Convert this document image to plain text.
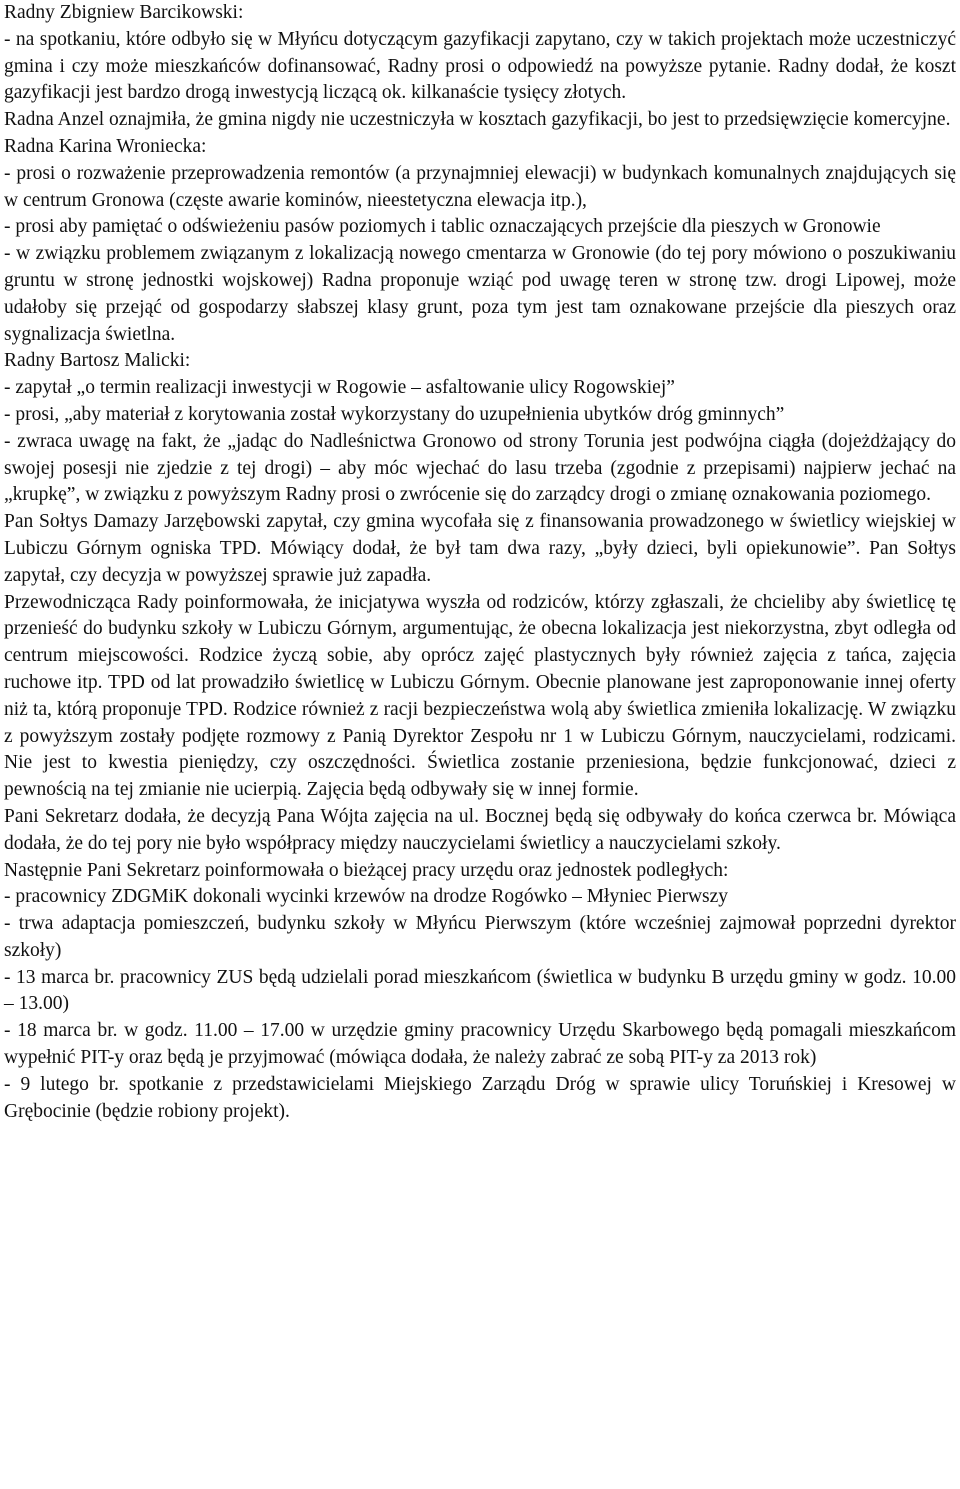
Radny Zbigniew Barcikowski:

- na spotkaniu, które odbyło się w Młyńcu dotyczącym gazyfikacji zapytano, czy w takich projektach może uczestniczyć gmina i czy może mieszkańców dofinansować, Radny prosi o odpowiedź na powyższe pytanie. Radny dodał, że koszt gazyfikacji jest bardzo drogą inwestycją liczącą ok. kilkanaście tysięcy złotych.

Radna Anzel oznajmiła, że gmina nigdy nie uczestniczyła w kosztach gazyfikacji, bo jest to przedsięwzięcie komercyjne.

Radna Karina Wroniecka:

- prosi o rozważenie przeprowadzenia remontów (a przynajmniej elewacji) w budynkach komunalnych znajdujących się w centrum Gronowa (częste awarie kominów, nieestetyczna elewacja itp.),

- prosi aby pamiętać o odświeżeniu pasów poziomych i tablic oznaczających przejście dla pieszych w Gronowie

- w związku problemem związanym z lokalizacją nowego cmentarza w Gronowie (do tej pory mówiono o poszukiwaniu gruntu w stronę jednostki wojskowej) Radna proponuje wziąć pod uwagę teren w stronę tzw. drogi Lipowej, może udałoby się przejąć od gospodarzy słabszej klasy grunt, poza tym jest tam oznakowane przejście dla pieszych oraz sygnalizacja świetlna.

Radny Bartosz Malicki:

- zapytał „o termin realizacji inwestycji w Rogowie – asfaltowanie ulicy Rogowskiej”

- prosi, „aby materiał z korytowania został wykorzystany do uzupełnienia ubytków dróg gminnych”

- zwraca uwagę na fakt, że „jadąc do Nadleśnictwa Gronowo od strony Torunia jest podwójna ciągła (dojeżdżający do swojej posesji nie zjedzie z tej drogi) – aby móc wjechać do lasu trzeba (zgodnie z przepisami) najpierw jechać na „krupkę”, w związku z powyższym Radny prosi o zwrócenie się do zarządcy drogi o zmianę oznakowania poziomego.

Pan Sołtys Damazy Jarzębowski zapytał, czy gmina wycofała się z finansowania prowadzonego w świetlicy wiejskiej w Lubiczu Górnym ogniska TPD. Mówiący dodał, że był tam dwa razy, „były dzieci, byli opiekunowie”. Pan Sołtys zapytał, czy decyzja w powyższej sprawie już zapadła.

Przewodnicząca Rady poinformowała, że inicjatywa wyszła od rodziców, którzy zgłaszali, że chcieliby aby świetlicę tę przenieść do budynku szkoły w Lubiczu Górnym, argumentując, że obecna lokalizacja jest niekorzystna, zbyt odległa od centrum miejscowości. Rodzice życzą sobie, aby oprócz zajęć plastycznych były również zajęcia z tańca, zajęcia ruchowe itp. TPD od lat prowadziło świetlicę w Lubiczu Górnym. Obecnie planowane jest zaproponowanie innej oferty niż ta, którą proponuje TPD. Rodzice również z racji bezpieczeństwa wolą aby świetlica zmieniła lokalizację. W związku z powyższym zostały podjęte rozmowy z Panią Dyrektor Zespołu nr 1 w Lubiczu Górnym, nauczycielami, rodzicami. Nie jest to kwestia pieniędzy, czy oszczędności. Świetlica zostanie przeniesiona, będzie funkcjonować, dzieci z pewnością na tej zmianie nie ucierpią. Zajęcia będą odbywały się w innej formie.

Pani Sekretarz dodała, że decyzją Pana Wójta zajęcia na ul. Bocznej będą się odbywały do końca czerwca br. Mówiąca dodała, że do tej pory nie było współpracy między nauczycielami świetlicy a nauczycielami szkoły.

Następnie Pani Sekretarz poinformowała o bieżącej pracy urzędu oraz jednostek podległych:

- pracownicy ZDGMiK dokonali wycinki krzewów na drodze Rogówko – Młyniec Pierwszy

- trwa adaptacja pomieszczeń, budynku szkoły w Młyńcu Pierwszym (które wcześniej zajmował poprzedni dyrektor szkoły)

- 13 marca br. pracownicy ZUS będą udzielali porad mieszkańcom (świetlica w budynku B urzędu gminy w godz. 10.00 – 13.00)

- 18 marca br. w godz. 11.00 – 17.00 w urzędzie gminy pracownicy Urzędu Skarbowego będą pomagali mieszkańcom wypełnić PIT-y oraz będą je przyjmować (mówiąca dodała, że należy zabrać ze sobą PIT-y za 2013 rok)

- 9 lutego br. spotkanie z przedstawicielami Miejskiego Zarządu Dróg w sprawie ulicy Toruńskiej i Kresowej w Grębocinie (będzie robiony projekt).
